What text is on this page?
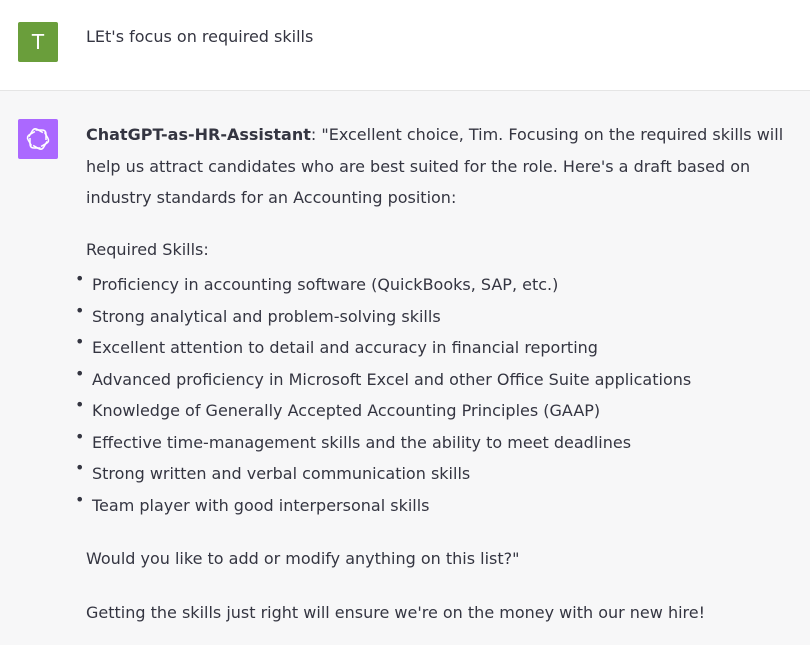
T	LEt's focus on required skills

ChatGPT-as-HR-Assistant: "Excellent choice, Tim. Focusing on the required skills will help us attract candidates who are best suited for the role. Here's a draft based on industry standards for an Accounting position:

Required Skills:

• Proficiency in accounting software (QuickBooks, SAP, etc.)
• Strong analytical and problem-solving skills
• Excellent attention to detail and accuracy in financial reporting
• Advanced proficiency in Microsoft Excel and other Office Suite applications
• Knowledge of Generally Accepted Accounting Principles (GAAP)
• Effective time-management skills and the ability to meet deadlines
• Strong written and verbal communication skills
• Team player with good interpersonal skills

Would you like to add or modify anything on this list?"

Getting the skills just right will ensure we're on the money with our new hire!
